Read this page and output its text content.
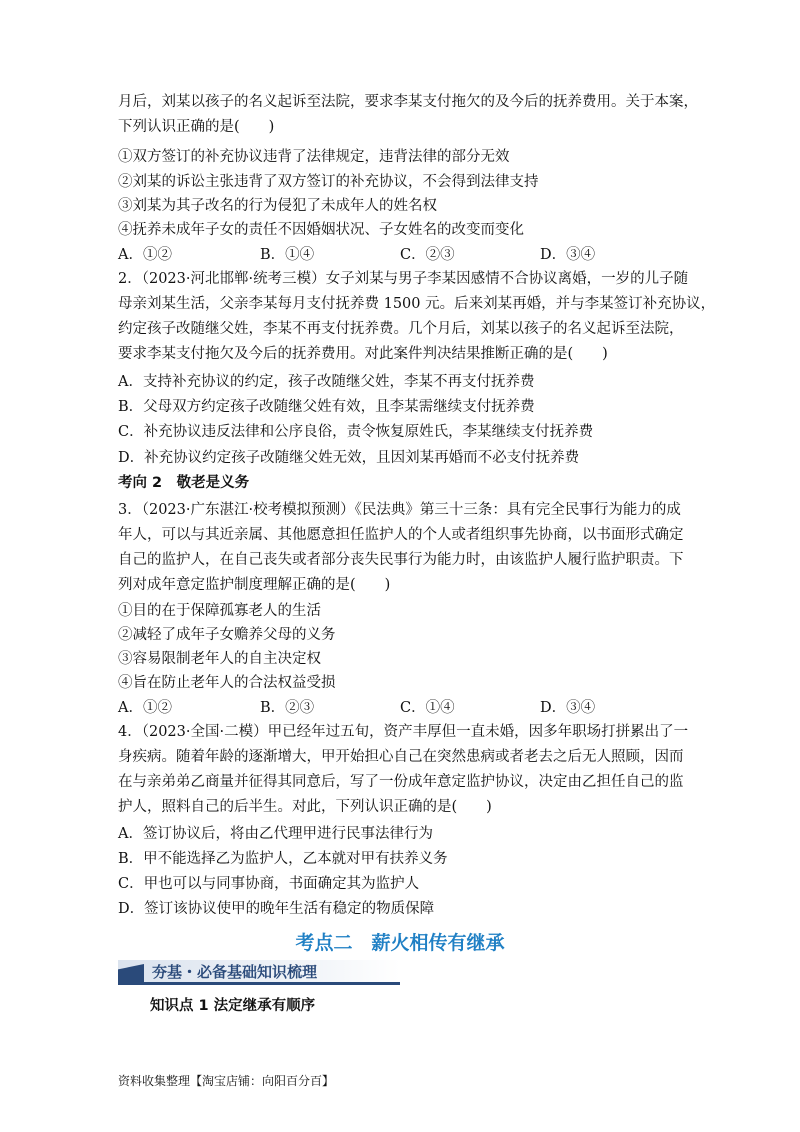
月后，刘某以孩子的名义起诉至法院，要求李某支付拖欠的及今后的抚养费用。关于本案，
下列认识正确的是(　　)
①双方签订的补充协议违背了法律规定，违背法律的部分无效
②刘某的诉讼主张违背了双方签订的补充协议，不会得到法律支持
③刘某为其子改名的行为侵犯了未成年人的姓名权
④抚养未成年子女的责任不因婚姻状况、子女姓名的改变而变化
A．①②	B．①④	C．②③	D．③④
2．（2023·河北邯郸·统考三模）女子刘某与男子李某因感情不合协议离婚，一岁的儿子随
母亲刘某生活，父亲李某每月支付抚养费 1500 元。后来刘某再婚，并与李某签订补充协议，
约定孩子改随继父姓，李某不再支付抚养费。几个月后，刘某以孩子的名义起诉至法院，
要求李某支付拖欠及今后的抚养费用。对此案件判决结果推断正确的是(　　)
A．支持补充协议的约定，孩子改随继父姓，李某不再支付抚养费
B．父母双方约定孩子改随继父姓有效，且李某需继续支付抚养费
C．补充协议违反法律和公序良俗，责令恢复原姓氏，李某继续支付抚养费
D．补充协议约定孩子改随继父姓无效，且因刘某再婚而不必支付抚养费
考向 2　敬老是义务
3．（2023·广东湛江·校考模拟预测）《民法典》第三十三条：具有完全民事行为能力的成
年人，可以与其近亲属、其他愿意担任监护人的个人或者组织事先协商，以书面形式确定
自己的监护人，在自己丧失或者部分丧失民事行为能力时，由该监护人履行监护职责。下
列对成年意定监护制度理解正确的是(　　)
①目的在于保障孤寡老人的生活
②减轻了成年子女赡养父母的义务
③容易限制老年人的自主决定权
④旨在防止老年人的合法权益受损
A．①②	B．②③	C．①④	D．③④
4．（2023·全国·二模）甲已经年过五旬，资产丰厚但一直未婚，因多年职场打拼累出了一
身疾病。随着年龄的逐渐增大，甲开始担心自己在突然患病或者老去之后无人照顾，因而
在与亲弟弟乙商量并征得其同意后，写了一份成年意定监护协议，决定由乙担任自己的监
护人，照料自己的后半生。对此，下列认识正确的是(　　)
A．签订协议后，将由乙代理甲进行民事法律行为
B．甲不能选择乙为监护人，乙本就对甲有扶养义务
C．甲也可以与同事协商，书面确定其为监护人
D．签订该协议使甲的晚年生活有稳定的物质保障
考点二　薪火相传有继承
夯基・必备基础知识梳理
知识点 1 法定继承有顺序
资料收集整理【淘宝店铺：向阳百分百】
